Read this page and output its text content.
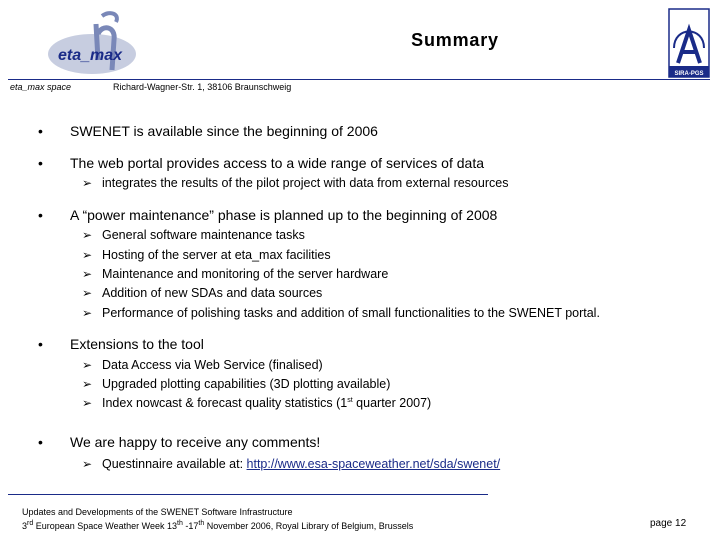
eta_max
Summary
SIRA-PGS
eta_max space	Richard-Wagner-Str. 1, 38106 Braunschweig
• SWENET is available since the beginning of 2006
• The web portal provides access to a wide range of services of data
➢ integrates the results of the pilot project with data from external resources
• A “power maintenance” phase is planned up to the beginning of 2008
➢ General software maintenance tasks
➢ Hosting of the server at eta_max facilities
➢ Maintenance and monitoring of the server hardware
➢ Addition of new SDAs and data sources
➢ Performance of polishing tasks and addition of small functionalities to the SWENET portal.
• Extensions to the tool
➢ Data Access via Web Service (finalised)
➢ Upgraded plotting capabilities (3D plotting available)
➢ Index nowcast & forecast quality statistics (1st quarter 2007)
• We are happy to receive any comments!
➢ Questinnaire available at: http://www.esa-spaceweather.net/sda/swenet/
Updates and Developments of the SWENET Software Infrastructure
3rd European Space Weather Week 13th -17th November 2006, Royal Library of Belgium, Brussels	page 12
